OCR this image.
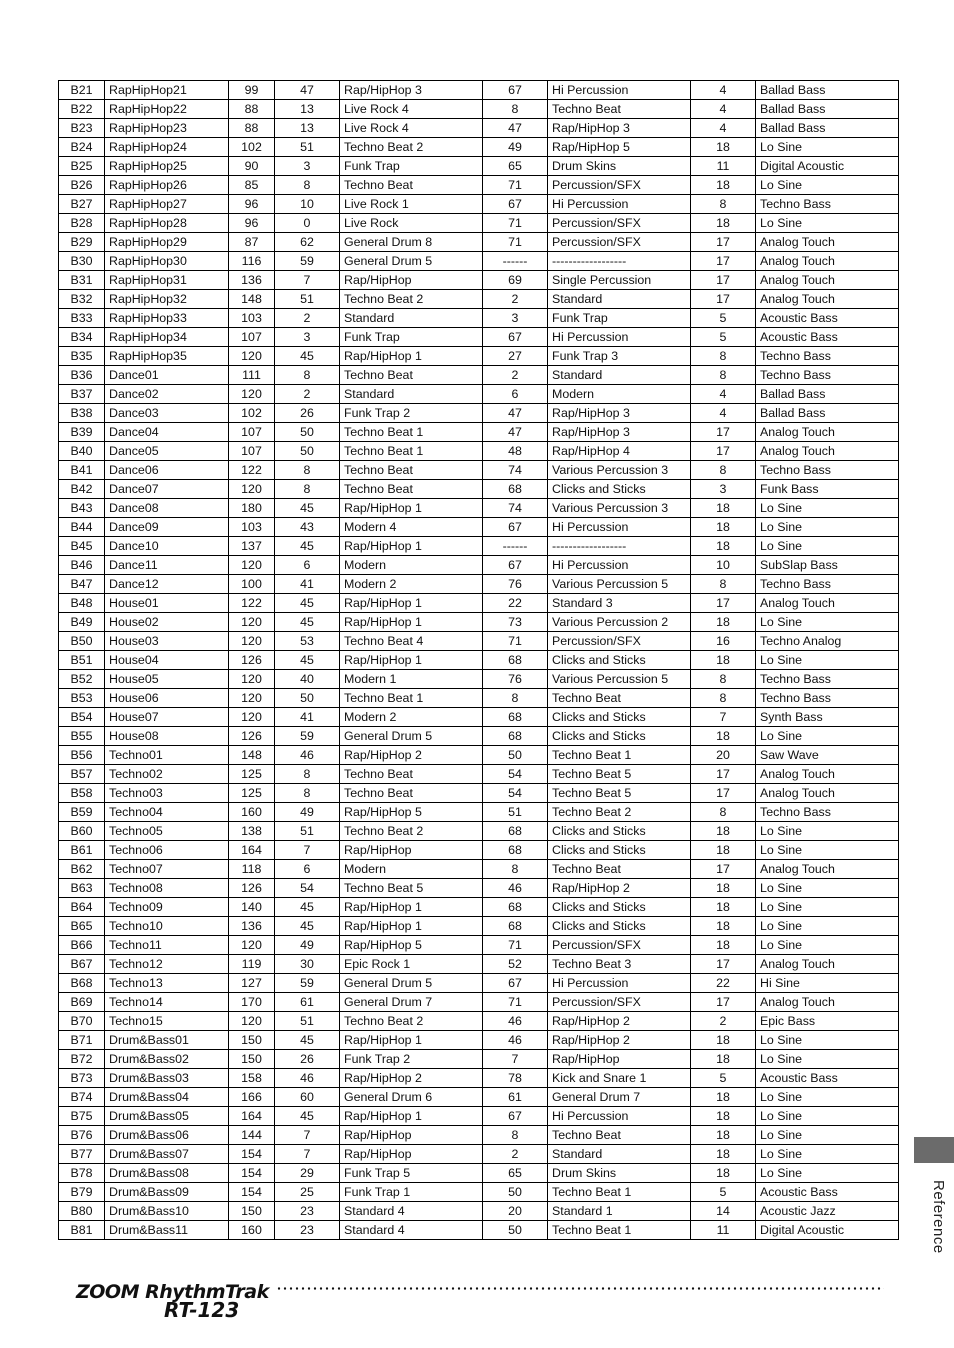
B21	RapHipHop21	99	47	Rap/HipHop 3	67	Hi Percussion	4	Ballad Bass
B22	RapHipHop22	88	13	Live Rock 4	8	Techno Beat	4	Ballad Bass
B23	RapHipHop23	88	13	Live Rock 4	47	Rap/HipHop 3	4	Ballad Bass
B24	RapHipHop24	102	51	Techno Beat 2	49	Rap/HipHop 5	18	Lo Sine
B25	RapHipHop25	90	3	Funk Trap	65	Drum Skins	11	Digital Acoustic
B26	RapHipHop26	85	8	Techno Beat	71	Percussion/SFX	18	Lo Sine
B27	RapHipHop27	96	10	Live Rock 1	67	Hi Percussion	8	Techno Bass
B28	RapHipHop28	96	0	Live Rock	71	Percussion/SFX	18	Lo Sine
B29	RapHipHop29	87	62	General Drum 8	71	Percussion/SFX	17	Analog Touch
B30	RapHipHop30	116	59	General Drum 5	------	------------------	17	Analog Touch
B31	RapHipHop31	136	7	Rap/HipHop	69	Single Percussion	17	Analog Touch
B32	RapHipHop32	148	51	Techno Beat 2	2	Standard	17	Analog Touch
B33	RapHipHop33	103	2	Standard	3	Funk Trap	5	Acoustic Bass
B34	RapHipHop34	107	3	Funk Trap	67	Hi Percussion	5	Acoustic Bass
B35	RapHipHop35	120	45	Rap/HipHop 1	27	Funk Trap 3	8	Techno Bass
B36	Dance01	111	8	Techno Beat	2	Standard	8	Techno Bass
B37	Dance02	120	2	Standard	6	Modern	4	Ballad Bass
B38	Dance03	102	26	Funk Trap 2	47	Rap/HipHop 3	4	Ballad Bass
B39	Dance04	107	50	Techno Beat 1	47	Rap/HipHop 3	17	Analog Touch
B40	Dance05	107	50	Techno Beat 1	48	Rap/HipHop 4	17	Analog Touch
B41	Dance06	122	8	Techno Beat	74	Various Percussion 3	8	Techno Bass
B42	Dance07	120	8	Techno Beat	68	Clicks and Sticks	3	Funk Bass
B43	Dance08	180	45	Rap/HipHop 1	74	Various Percussion 3	18	Lo Sine
B44	Dance09	103	43	Modern 4	67	Hi Percussion	18	Lo Sine
B45	Dance10	137	45	Rap/HipHop 1	------	------------------	18	Lo Sine
B46	Dance11	120	6	Modern	67	Hi Percussion	10	SubSlap Bass
B47	Dance12	100	41	Modern 2	76	Various Percussion 5	8	Techno Bass
B48	House01	122	45	Rap/HipHop 1	22	Standard 3	17	Analog Touch
B49	House02	120	45	Rap/HipHop 1	73	Various Percussion 2	18	Lo Sine
B50	House03	120	53	Techno Beat 4	71	Percussion/SFX	16	Techno Analog
B51	House04	126	45	Rap/HipHop 1	68	Clicks and Sticks	18	Lo Sine
B52	House05	120	40	Modern 1	76	Various Percussion 5	8	Techno Bass
B53	House06	120	50	Techno Beat 1	8	Techno Beat	8	Techno Bass
B54	House07	120	41	Modern 2	68	Clicks and Sticks	7	Synth Bass
B55	House08	126	59	General Drum 5	68	Clicks and Sticks	18	Lo Sine
B56	Techno01	148	46	Rap/HipHop 2	50	Techno Beat 1	20	Saw Wave
B57	Techno02	125	8	Techno Beat	54	Techno Beat 5	17	Analog Touch
B58	Techno03	125	8	Techno Beat	54	Techno Beat 5	17	Analog Touch
B59	Techno04	160	49	Rap/HipHop 5	51	Techno Beat 2	8	Techno Bass
B60	Techno05	138	51	Techno Beat 2	68	Clicks and Sticks	18	Lo Sine
B61	Techno06	164	7	Rap/HipHop	68	Clicks and Sticks	18	Lo Sine
B62	Techno07	118	6	Modern	8	Techno Beat	17	Analog Touch
B63	Techno08	126	54	Techno Beat 5	46	Rap/HipHop 2	18	Lo Sine
B64	Techno09	140	45	Rap/HipHop 1	68	Clicks and Sticks	18	Lo Sine
B65	Techno10	136	45	Rap/HipHop 1	68	Clicks and Sticks	18	Lo Sine
B66	Techno11	120	49	Rap/HipHop 5	71	Percussion/SFX	18	Lo Sine
B67	Techno12	119	30	Epic Rock 1	52	Techno Beat 3	17	Analog Touch
B68	Techno13	127	59	General Drum 5	67	Hi Percussion	22	Hi Sine
B69	Techno14	170	61	General Drum 7	71	Percussion/SFX	17	Analog Touch
B70	Techno15	120	51	Techno Beat 2	46	Rap/HipHop 2	2	Epic Bass
B71	Drum&Bass01	150	45	Rap/HipHop 1	46	Rap/HipHop 2	18	Lo Sine
B72	Drum&Bass02	150	26	Funk Trap 2	7	Rap/HipHop	18	Lo Sine
B73	Drum&Bass03	158	46	Rap/HipHop 2	78	Kick and Snare 1	5	Acoustic Bass
B74	Drum&Bass04	166	60	General Drum 6	61	General Drum 7	18	Lo Sine
B75	Drum&Bass05	164	45	Rap/HipHop 1	67	Hi Percussion	18	Lo Sine
B76	Drum&Bass06	144	7	Rap/HipHop	8	Techno Beat	18	Lo Sine
B77	Drum&Bass07	154	7	Rap/HipHop	2	Standard	18	Lo Sine
B78	Drum&Bass08	154	29	Funk Trap 5	65	Drum Skins	18	Lo Sine
B79	Drum&Bass09	154	25	Funk Trap 1	50	Techno Beat 1	5	Acoustic Bass
B80	Drum&Bass10	150	23	Standard 4	20	Standard 1	14	Acoustic Jazz
B81	Drum&Bass11	160	23	Standard 4	50	Techno Beat 1	11	Digital Acoustic	Reference
ZOOM RhythmTrak
RT-123
